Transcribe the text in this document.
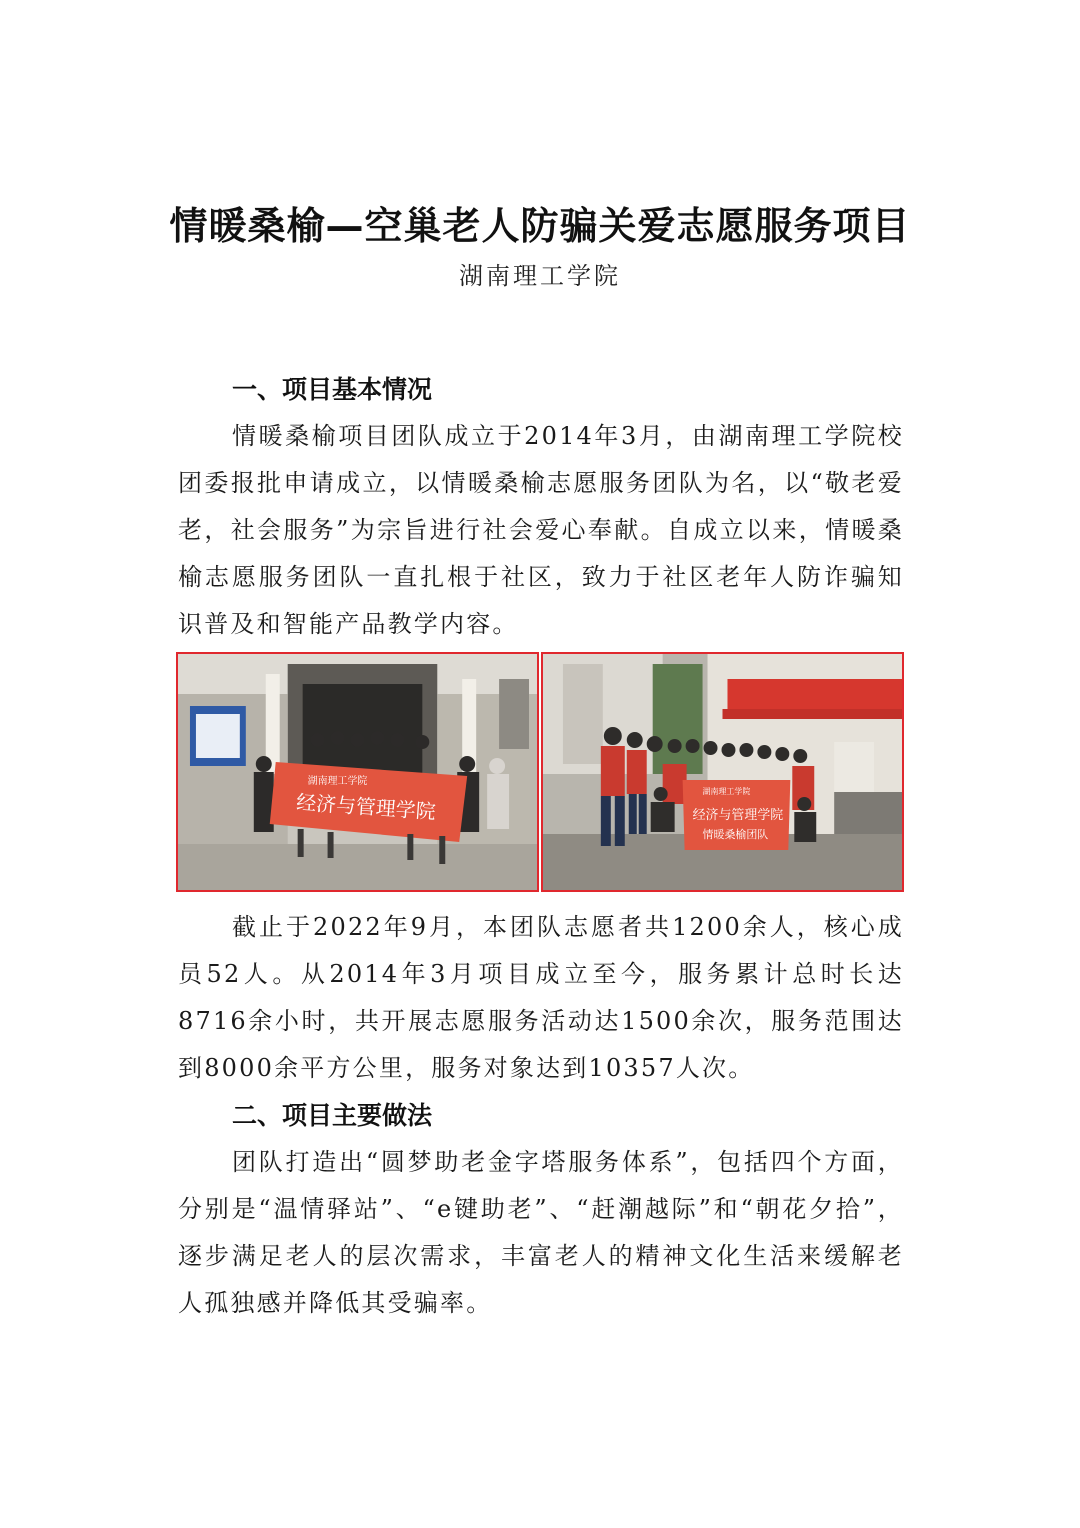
情暖桑榆—空巢老人防骗关爱志愿服务项目
湖南理工学院

一、项目基本情况

情暖桑榆项目团队成立于2014年3月，由湖南理工学院校团委报批申请成立，以情暖桑榆志愿服务团队为名，以“敬老爱老，社会服务”为宗旨进行社会爱心奉献。自成立以来，情暖桑榆志愿服务团队一直扎根于社区，致力于社区老年人防诈骗知识普及和智能产品教学内容。

湖南理工学院
经济与管理学院	湖南理工学院
经济与管理学院
情暖桑榆团队

截止于2022年9月，本团队志愿者共1200余人，核心成员52人。从2014年3月项目成立至今，服务累计总时长达8716余小时，共开展志愿服务活动达1500余次，服务范围达到8000余平方公里，服务对象达到10357人次。

二、项目主要做法

团队打造出“圆梦助老金字塔服务体系”，包括四个方面，分别是“温情驿站”、“e键助老”、“赶潮越际”和“朝花夕拾”，逐步满足老人的层次需求，丰富老人的精神文化生活来缓解老人孤独感并降低其受骗率。
